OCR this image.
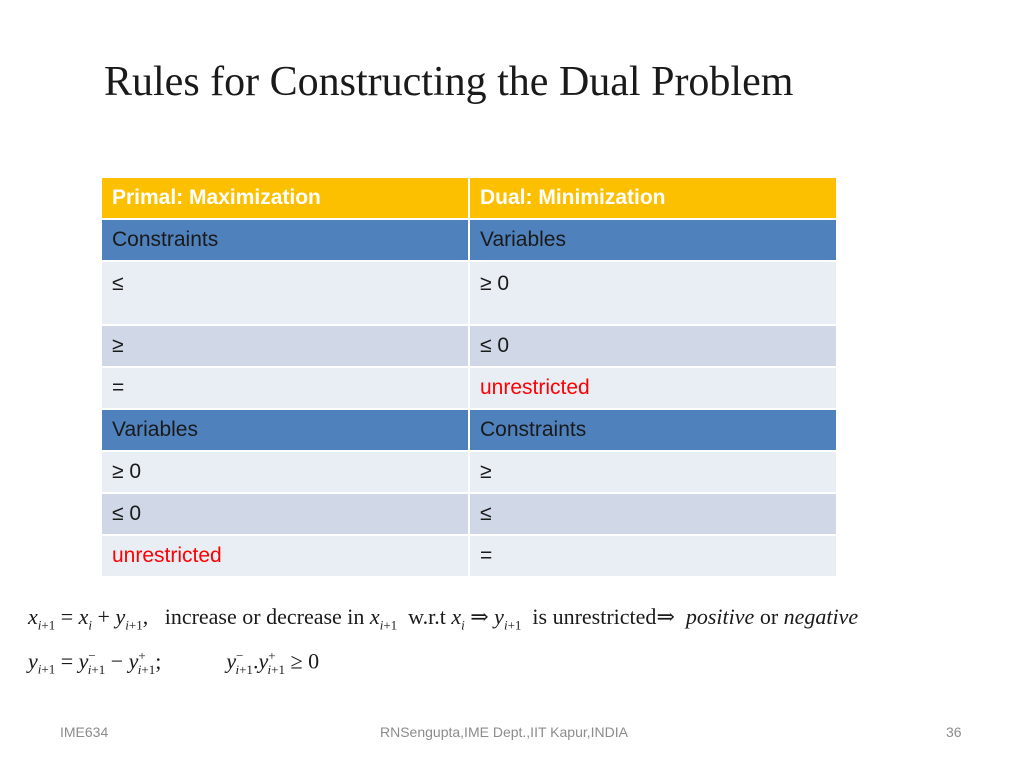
Rules for Constructing the Dual Problem
Primal: Maximization	Dual: Minimization
Constraints	Variables
≤	≥ 0
≥	≤ 0
=	unrestricted
Variables	Constraints
≥ 0	≥
≤ 0	≤
unrestricted	=
$x_{i+1} = x_i + y_{i+1}$,   increase or decrease in $x_{i+1}$ w.r.t $x_i$ ⇒ $y_{i+1}$ is unrestricted⇒ positive or negative
$y_{i+1} = y^-_{i+1} - y^+_{i+1}$;	$y^-_{i+1}.y^+_{i+1} \ge 0$
IME634	RNSengupta,IME Dept.,IIT Kapur,INDIA	36
